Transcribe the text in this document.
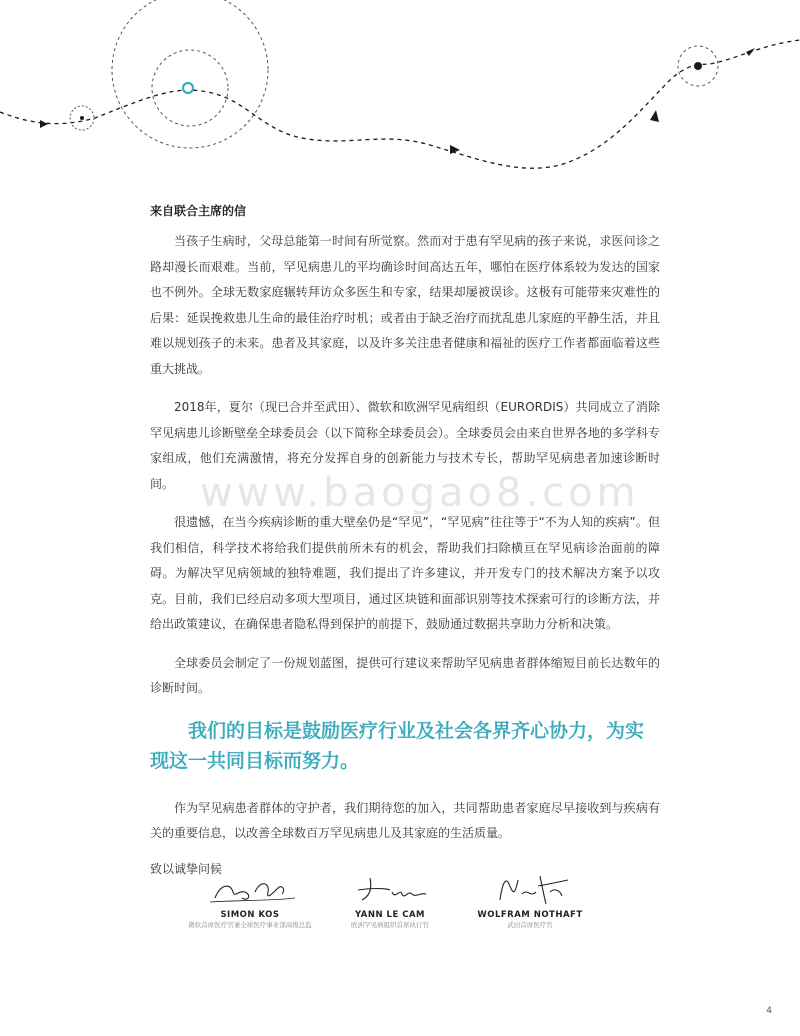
www.baogao8.com
来自联合主席的信

当孩子生病时，父母总能第一时间有所觉察。然而对于患有罕见病的孩子来说，求医问诊之路却漫长而艰难。当前，罕见病患儿的平均确诊时间高达五年，哪怕在医疗体系较为发达的国家也不例外。全球无数家庭辗转拜访众多医生和专家，结果却屡被误诊。这极有可能带来灾难性的后果：延误挽救患儿生命的最佳治疗时机；或者由于缺乏治疗而扰乱患儿家庭的平静生活，并且难以规划孩子的未来。患者及其家庭，以及许多关注患者健康和福祉的医疗工作者都面临着这些重大挑战。

2018年，夏尔（现已合并至武田）、微软和欧洲罕见病组织（EURORDIS）共同成立了消除罕见病患儿诊断壁垒全球委员会（以下简称全球委员会）。全球委员会由来自世界各地的多学科专家组成，他们充满激情，将充分发挥自身的创新能力与技术专长，帮助罕见病患者加速诊断时间。

很遗憾，在当今疾病诊断的重大壁垒仍是“罕见”，“罕见病”往往等于“不为人知的疾病”。但我们相信，科学技术将给我们提供前所未有的机会，帮助我们扫除横亘在罕见病诊治面前的障碍。为解决罕见病领域的独特难题，我们提出了许多建议，并开发专门的技术解决方案予以攻克。目前，我们已经启动多项大型项目，通过区块链和面部识别等技术探索可行的诊断方法，并给出政策建议，在确保患者隐私得到保护的前提下，鼓励通过数据共享助力分析和决策。

全球委员会制定了一份规划蓝图，提供可行建议来帮助罕见病患者群体缩短目前长达数年的诊断时间。

我们的目标是鼓励医疗行业及社会各界齐心协力，为实现这一共同目标而努力。

作为罕见病患者群体的守护者，我们期待您的加入，共同帮助患者家庭尽早接收到与疾病有关的重要信息，以改善全球数百万罕见病患儿及其家庭的生活质量。

致以诚挚问候
SIMON KOS
微软首席医疗官兼全球医疗事业部高级总监
YANN LE CAM
欧洲罕见病组织首席执行官
WOLFRAM NOTHAFT
武田首席医疗官
4
